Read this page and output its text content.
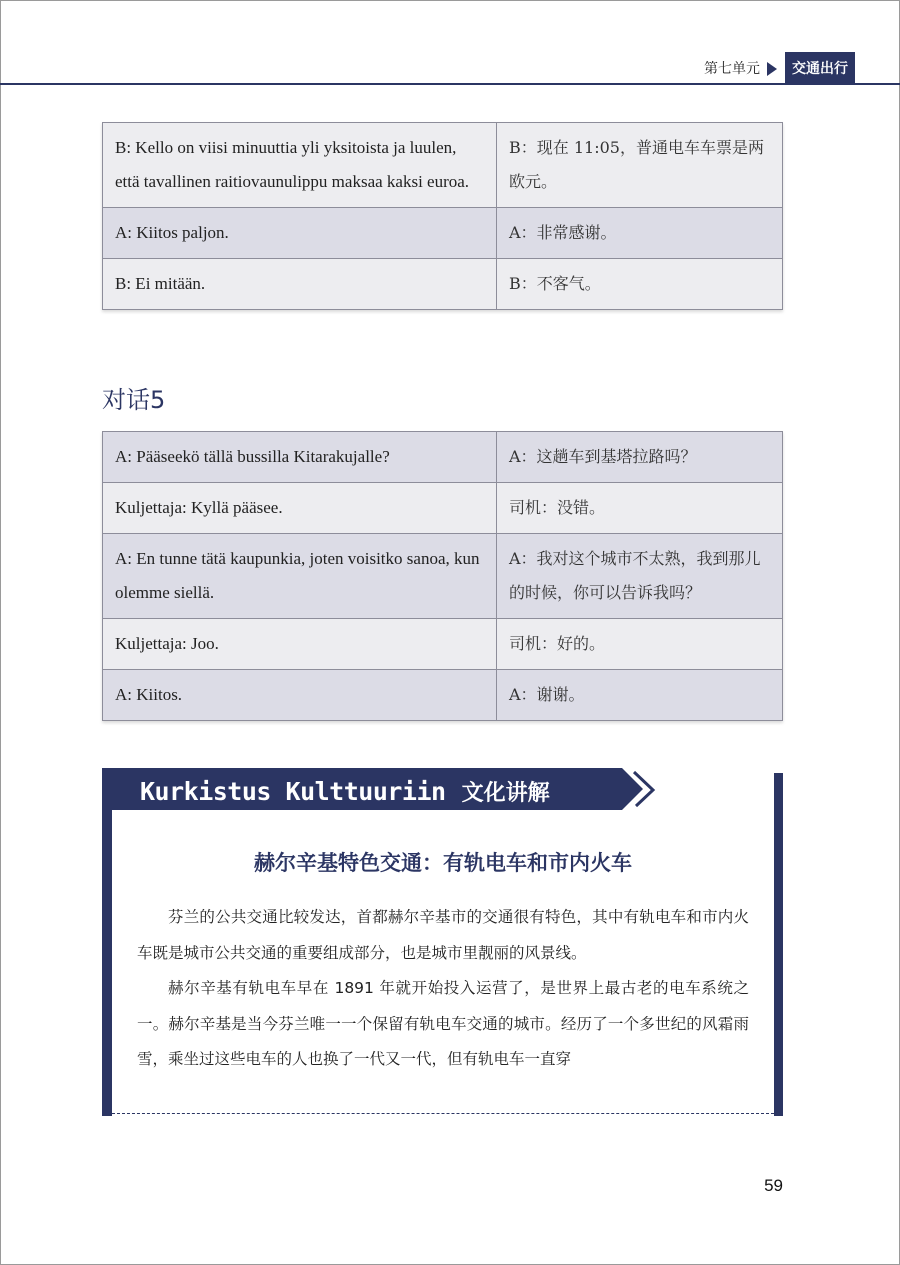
第七单元	交通出行
B: Kello on viisi minuuttia yli yksitoista ja luulen, että tavallinen raitiovaunulippu maksaa kaksi euroa.	B：现在 11:05，普通电车车票是两欧元。
A: Kiitos paljon.	A：非常感谢。
B: Ei mitään.	B：不客气。
对话5
A: Pääseekö tällä bussilla Kitarakujalle?	A：这趟车到基塔拉路吗？
Kuljettaja: Kyllä pääsee.	司机：没错。
A: En tunne tätä kaupunkia, joten voisitko sanoa, kun olemme siellä.	A：我对这个城市不太熟，我到那儿的时候，你可以告诉我吗？
Kuljettaja: Joo.	司机：好的。
A: Kiitos.	A：谢谢。
Kurkistus Kulttuuriin 文化讲解
赫尔辛基特色交通：有轨电车和市内火车

芬兰的公共交通比较发达，首都赫尔辛基市的交通很有特色，其中有轨电车和市内火车既是城市公共交通的重要组成部分，也是城市里靓丽的风景线。

赫尔辛基有轨电车早在 1891 年就开始投入运营了，是世界上最古老的电车系统之一。赫尔辛基是当今芬兰唯一一个保留有轨电车交通的城市。经历了一个多世纪的风霜雨雪，乘坐过这些电车的人也换了一代又一代，但有轨电车一直穿

59
